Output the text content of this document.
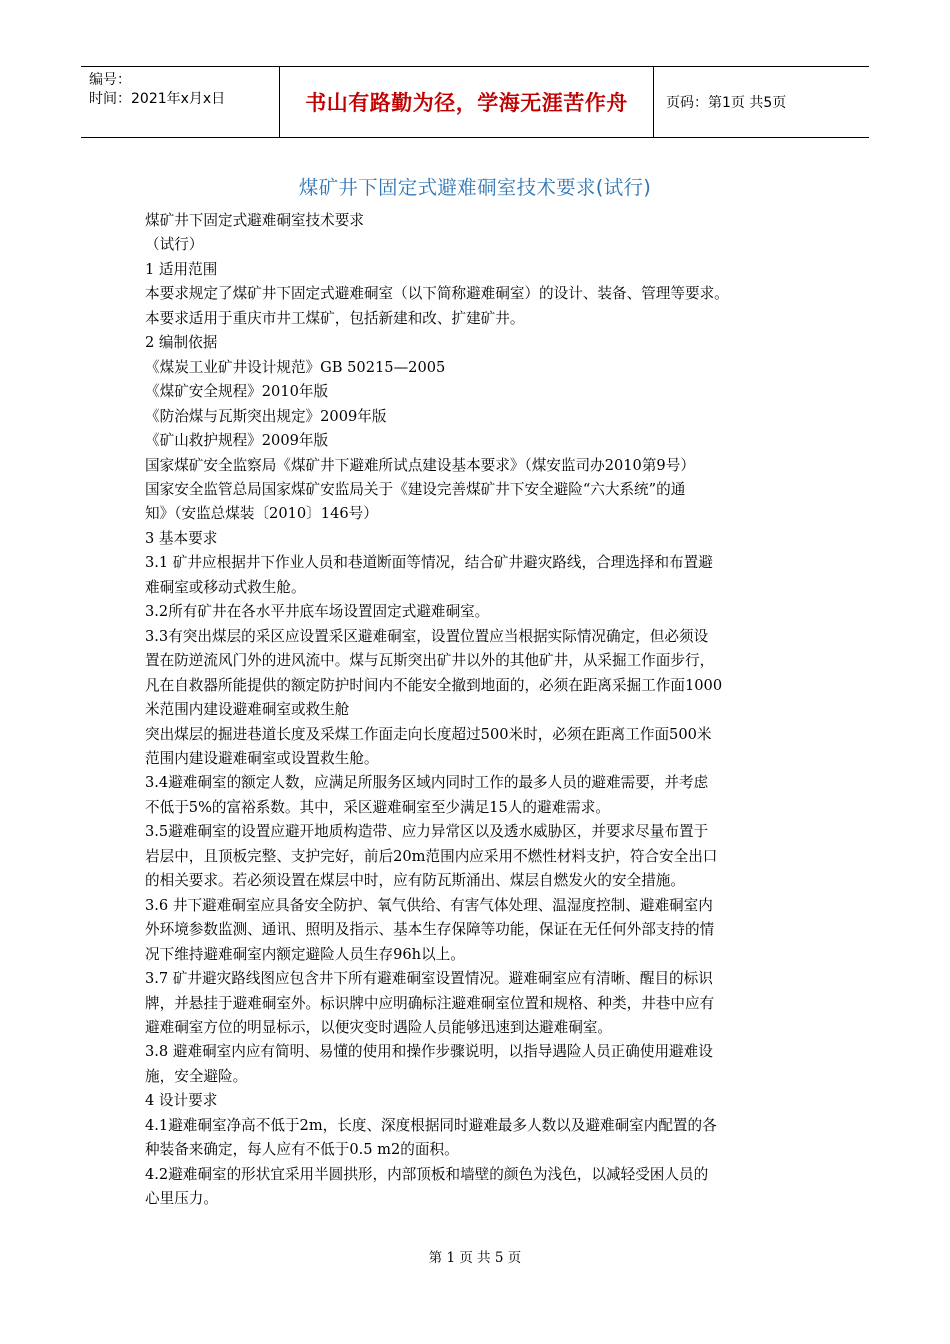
编号：
时间：2021年x月x日	书山有路勤为径，学海无涯苦作舟	页码：第1页 共5页
煤矿井下固定式避难硐室技术要求(试行)

煤矿井下固定式避难硐室技术要求

（试行）

1 适用范围

本要求规定了煤矿井下固定式避难硐室（以下简称避难硐室）的设计、装备、管理等要求。

本要求适用于重庆市井工煤矿，包括新建和改、扩建矿井。

2 编制依据

《煤炭工业矿井设计规范》GB 50215—2005

《煤矿安全规程》2010年版

《防治煤与瓦斯突出规定》2009年版

《矿山救护规程》2009年版

国家煤矿安全监察局《煤矿井下避难所试点建设基本要求》（煤安监司办2010第9号）

国家安全监管总局国家煤矿安监局关于《建设完善煤矿井下安全避险“六大系统”的通

知》（安监总煤装〔2010〕146号）

3 基本要求

3.1 矿井应根据井下作业人员和巷道断面等情况，结合矿井避灾路线，合理选择和布置避

难硐室或移动式救生舱。

3.2所有矿井在各水平井底车场设置固定式避难硐室。

3.3有突出煤层的采区应设置采区避难硐室，设置位置应当根据实际情况确定，但必须设

置在防逆流风门外的进风流中。煤与瓦斯突出矿井以外的其他矿井，从采掘工作面步行，

凡在自救器所能提供的额定防护时间内不能安全撤到地面的，必须在距离采掘工作面1000

米范围内建设避难硐室或救生舱

突出煤层的掘进巷道长度及采煤工作面走向长度超过500米时，必须在距离工作面500米

范围内建设避难硐室或设置救生舱。

3.4避难硐室的额定人数，应满足所服务区域内同时工作的最多人员的避难需要，并考虑

不低于5%的富裕系数。其中，采区避难硐室至少满足15人的避难需求。

3.5避难硐室的设置应避开地质构造带、应力异常区以及透水威胁区，并要求尽量布置于

岩层中，且顶板完整、支护完好，前后20m范围内应采用不燃性材料支护，符合安全出口

的相关要求。若必须设置在煤层中时，应有防瓦斯涌出、煤层自燃发火的安全措施。

3.6 井下避难硐室应具备安全防护、氧气供给、有害气体处理、温湿度控制、避难硐室内

外环境参数监测、通讯、照明及指示、基本生存保障等功能，保证在无任何外部支持的情

况下维持避难硐室内额定避险人员生存96h以上。

3.7 矿井避灾路线图应包含井下所有避难硐室设置情况。避难硐室应有清晰、醒目的标识

牌，并悬挂于避难硐室外。标识牌中应明确标注避难硐室位置和规格、种类，井巷中应有

避难硐室方位的明显标示，以便灾变时遇险人员能够迅速到达避难硐室。

3.8 避难硐室内应有简明、易懂的使用和操作步骤说明，以指导遇险人员正确使用避难设

施，安全避险。

4 设计要求

4.1避难硐室净高不低于2m，长度、深度根据同时避难最多人数以及避难硐室内配置的各

种装备来确定，每人应有不低于0.5 m2的面积。

4.2避难硐室的形状宜采用半圆拱形，内部顶板和墙壁的颜色为浅色，以减轻受困人员的

心里压力。

第 1 页 共 5 页
